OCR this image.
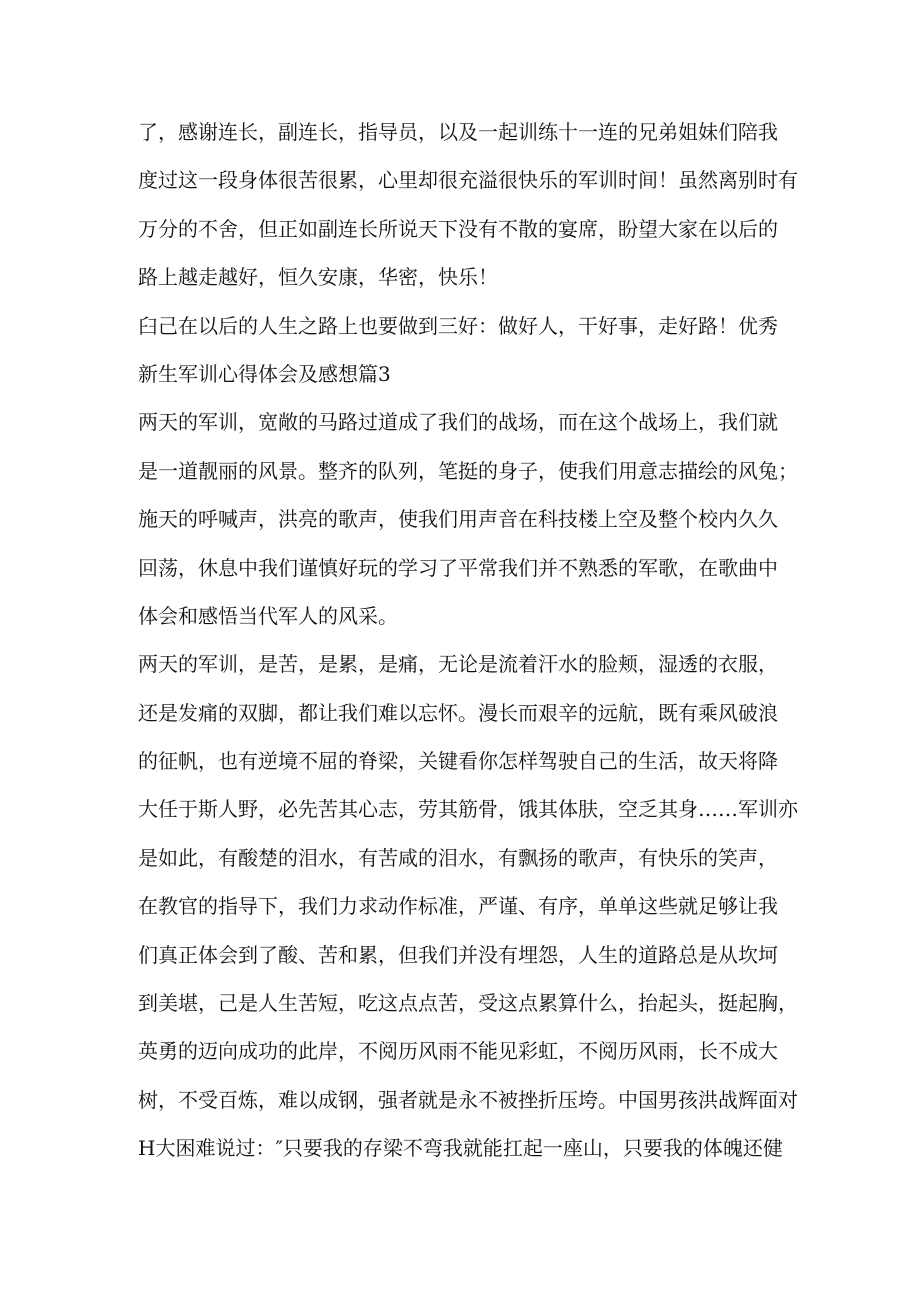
了，感谢连长，副连长，指导员，以及一起训练十一连的兄弟姐妹们陪我
度过这一段身体很苦很累，心里却很充溢很快乐的军训时间！虽然离别时有
万分的不舍，但正如副连长所说天下没有不散的宴席，盼望大家在以后的
路上越走越好，恒久安康，华密，快乐！
臼己在以后的人生之路上也要做到三好：做好人，干好事，走好路！优秀
新生军训心得体会及感想篇3
两天的军训，宽敞的马路过道成了我们的战场，而在这个战场上，我们就
是一道靓丽的风景。整齐的队列，笔挺的身子，使我们用意志描绘的风兔；
施天的呼喊声，洪亮的歌声，使我们用声音在科技楼上空及整个校内久久
回荡，休息中我们谨慎好玩的学习了平常我们并不熟悉的军歌，在歌曲中
体会和感悟当代军人的风采。
两天的军训，是苦，是累，是痛，无论是流着汗水的脸颊，湿透的衣服，
还是发痛的双脚，都让我们难以忘怀。漫长而艰辛的远航，既有乘风破浪
的征帆，也有逆境不屈的脊梁，关键看你怎样驾驶自己的生活，故天将降
大任于斯人野，必先苦其心志，劳其筋骨，饿其体肤，空乏其身……军训亦
是如此，有酸楚的泪水，有苦咸的泪水，有飘扬的歌声，有快乐的笑声，
在教官的指导下，我们力求动作标准，严谨、有序，单单这些就足够让我
们真正体会到了酸、苦和累，但我们并没有埋怨，人生的道路总是从坎坷
到美堪，己是人生苦短，吃这点点苦，受这点累算什么，抬起头，挺起胸，
英勇的迈向成功的此岸，不阅历风雨不能见彩虹，不阅历风雨，长不成大
树，不受百炼，难以成钢，强者就是永不被挫折压垮。中国男孩洪战辉面对
H大困难说过：″只要我的存梁不弯我就能扛起一座山，只要我的体魄还健
